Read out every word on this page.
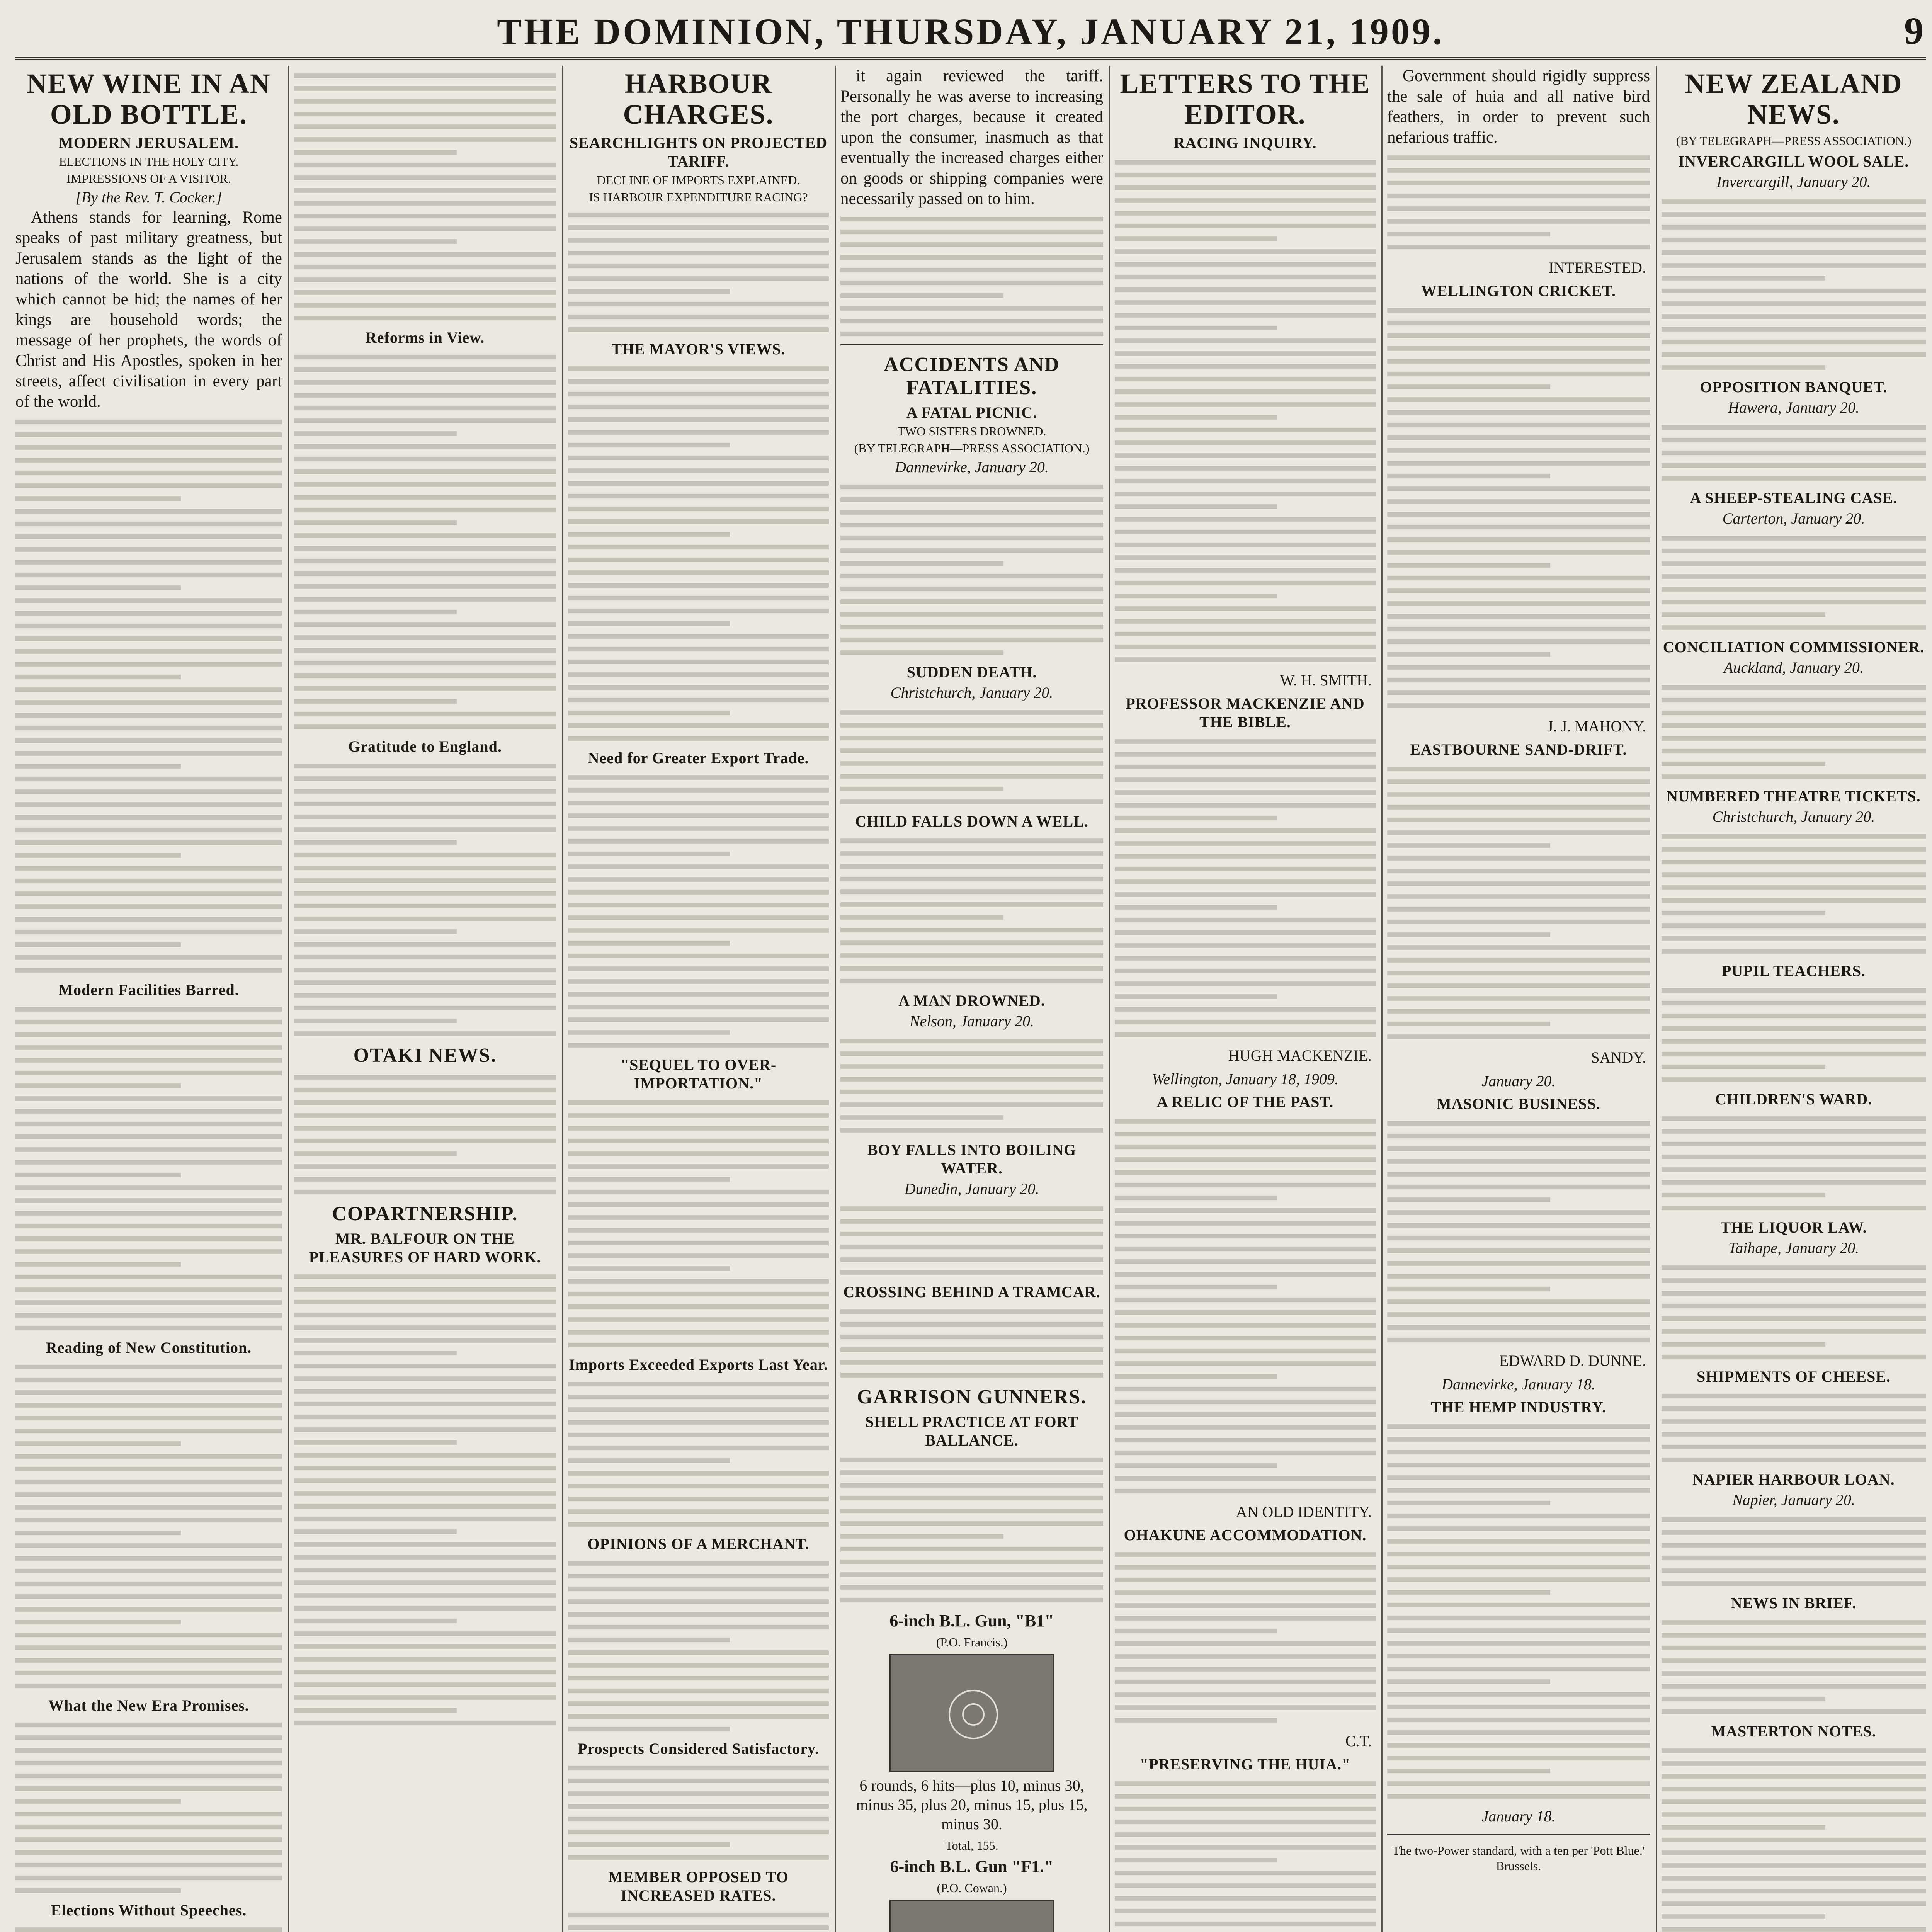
THE DOMINION, THURSDAY, JANUARY 21, 1909.	9
NEW WINE IN AN OLD BOTTLE.
MODERN JERUSALEM.
ELECTIONS IN THE HOLY CITY.
IMPRESSIONS OF A VISITOR.
[By the Rev. T. Cocker.]

Athens stands for learning, Rome speaks of past military greatness, but Jerusalem stands as the light of the nations of the world. She is a city which cannot be hid; the names of her kings are household words; the message of her prophets, the words of Christ and His Apostles, spoken in her streets, affect civilisation in every part of the world.

Modern Facilities Barred.
Reading of New Constitution.
What the New Era Promises.
Elections Without Speeches.
Reforms in View.
Gratitude to England.
OTAKI NEWS.
COPARTNERSHIP.
MR. BALFOUR ON THE PLEASURES OF HARD WORK.
HARBOUR CHARGES.
SEARCHLIGHTS ON PROJECTED TARIFF.
DECLINE OF IMPORTS EXPLAINED.
IS HARBOUR EXPENDITURE RACING?
THE MAYOR'S VIEWS.
Need for Greater Export Trade.
"SEQUEL TO OVER-IMPORTATION."
Imports Exceeded Exports Last Year.
OPINIONS OF A MERCHANT.
Prospects Considered Satisfactory.
MEMBER OPPOSED TO INCREASED RATES.

it again reviewed the tariff. Personally he was averse to increasing the port charges, because it created upon the consumer, inasmuch as that eventually the increased charges either on goods or shipping companies were necessarily passed on to him.

ACCIDENTS AND FATALITIES.
A FATAL PICNIC.
TWO SISTERS DROWNED.
(BY TELEGRAPH—PRESS ASSOCIATION.)
Dannevirke, January 20.
SUDDEN DEATH.
Christchurch, January 20.
CHILD FALLS DOWN A WELL.
A MAN DROWNED.
Nelson, January 20.
BOY FALLS INTO BOILING WATER.
Dunedin, January 20.
CROSSING BEHIND A TRAMCAR.
GARRISON GUNNERS.
SHELL PRACTICE AT FORT BALLANCE.
6-inch B.L. Gun, "B1"
(P.O. Francis.)
6 rounds, 6 hits—plus 10, minus 30, minus 35, plus 20, minus 15, plus 15, minus 30.
Total, 155.
6-inch B.L. Gun "F1."
(P.O. Cowan.)
LETTERS TO THE EDITOR.
RACING INQUIRY.
W. H. SMITH.
PROFESSOR MACKENZIE AND THE BIBLE.
HUGH MACKENZIE.
Wellington, January 18, 1909.
A RELIC OF THE PAST.
AN OLD IDENTITY.
OHAKUNE ACCOMMODATION.
C.T.
"PRESERVING THE HUIA."

Government should rigidly suppress the sale of huia and all native bird feathers, in order to prevent such nefarious traffic.

INTERESTED.
WELLINGTON CRICKET.
J. J. MAHONY.
EASTBOURNE SAND-DRIFT.
SANDY.
January 20.
MASONIC BUSINESS.
EDWARD D. DUNNE.
Dannevirke, January 18.
THE HEMP INDUSTRY.
January 18.
The two-Power standard, with a ten per 'Pott Blue.' Brussels.
NEW ZEALAND NEWS.
(BY TELEGRAPH—PRESS ASSOCIATION.)
INVERCARGILL WOOL SALE.
Invercargill, January 20.
OPPOSITION BANQUET.
Hawera, January 20.
A SHEEP-STEALING CASE.
Carterton, January 20.
CONCILIATION COMMISSIONER.
Auckland, January 20.
NUMBERED THEATRE TICKETS.
Christchurch, January 20.
PUPIL TEACHERS.
CHILDREN'S WARD.
THE LIQUOR LAW.
Taihape, January 20.
SHIPMENTS OF CHEESE.
NAPIER HARBOUR LOAN.
Napier, January 20.
NEWS IN BRIEF.
MASTERTON NOTES.
